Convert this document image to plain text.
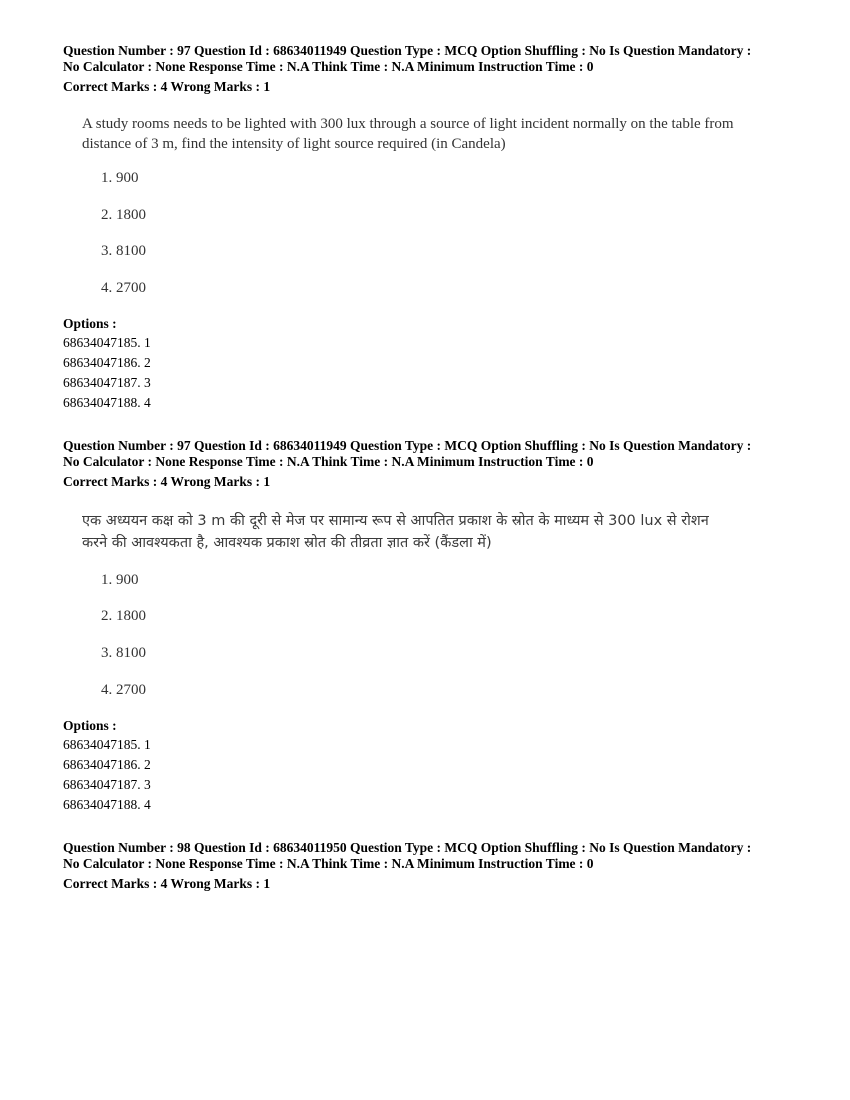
Question Number : 97 Question Id : 68634011949 Question Type : MCQ Option Shuffling : No Is Question Mandatory :
No Calculator : None Response Time : N.A Think Time : N.A Minimum Instruction Time : 0
Correct Marks : 4 Wrong Marks : 1
A study rooms needs to be lighted with 300 lux through a source of light incident normally on the table from
distance of 3 m, find the intensity of light source required (in Candela)
1. 900
2. 1800
3. 8100
4. 2700
Options :
68634047185. 1
68634047186. 2
68634047187. 3
68634047188. 4
Question Number : 97 Question Id : 68634011949 Question Type : MCQ Option Shuffling : No Is Question Mandatory :
No Calculator : None Response Time : N.A Think Time : N.A Minimum Instruction Time : 0
Correct Marks : 4 Wrong Marks : 1
एक अध्ययन कक्ष को 3 m की दूरी से मेज पर सामान्य रूप से आपतित प्रकाश के स्रोत के माध्यम से 300 lux से रोशन
करने की आवश्यकता है, आवश्यक प्रकाश स्रोत की तीव्रता ज्ञात करें (कैंडला में)
1. 900
2. 1800
3. 8100
4. 2700
Options :
68634047185. 1
68634047186. 2
68634047187. 3
68634047188. 4
Question Number : 98 Question Id : 68634011950 Question Type : MCQ Option Shuffling : No Is Question Mandatory :
No Calculator : None Response Time : N.A Think Time : N.A Minimum Instruction Time : 0
Correct Marks : 4 Wrong Marks : 1
